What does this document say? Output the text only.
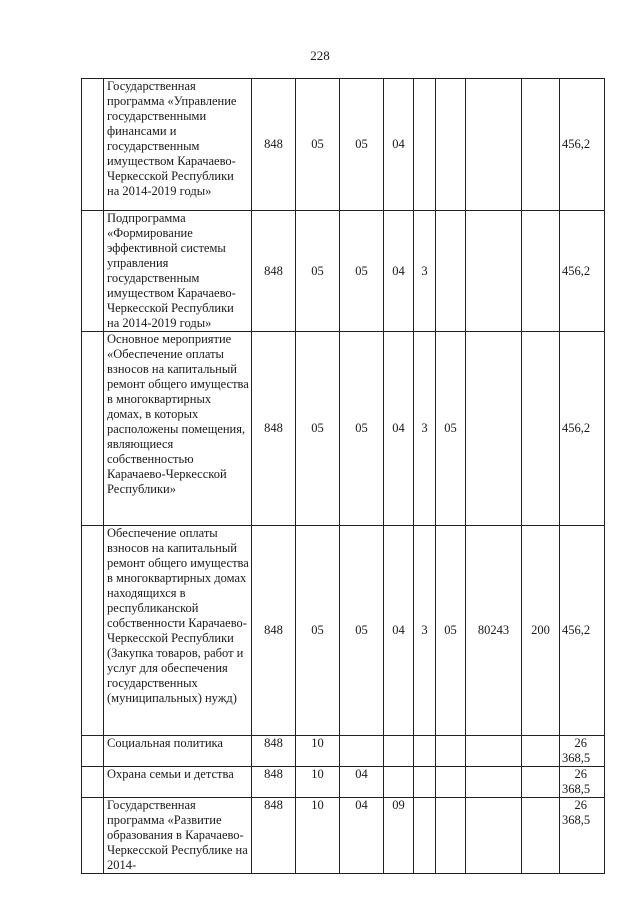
228
	Государственная программа «Управление государственными финансами и государственным имуществом Карачаево-Черкесской Республики на 2014-2019 годы»	848	05	05	04					456,2
	Подпрограмма «Формирование эффективной системы управления государственным имуществом Карачаево-Черкесской Республики на 2014-2019 годы»	848	05	05	04	3				456,2
	Основное мероприятие «Обеспечение оплаты взносов на капитальный ремонт общего имущества в многоквартирных домах, в которых расположены помещения, являющиеся собственностью Карачаево-Черкесской Республики»	848	05	05	04	3	05			456,2
	Обеспечение оплаты взносов на капитальный ремонт общего имущества в многоквартирных домах находящихся в республиканской собственности Карачаево-Черкесской Республики (Закупка товаров, работ и услуг для обеспечения государственных (муниципальных) нужд)	848	05	05	04	3	05	80243	200	456,2
	Социальная политика	848	10							26 368,5
	Охрана семьи и детства	848	10	04						26 368,5
	Государственная программа «Развитие образования в Карачаево-Черкесской Республике на 2014-	848	10	04	09					26 368,5
